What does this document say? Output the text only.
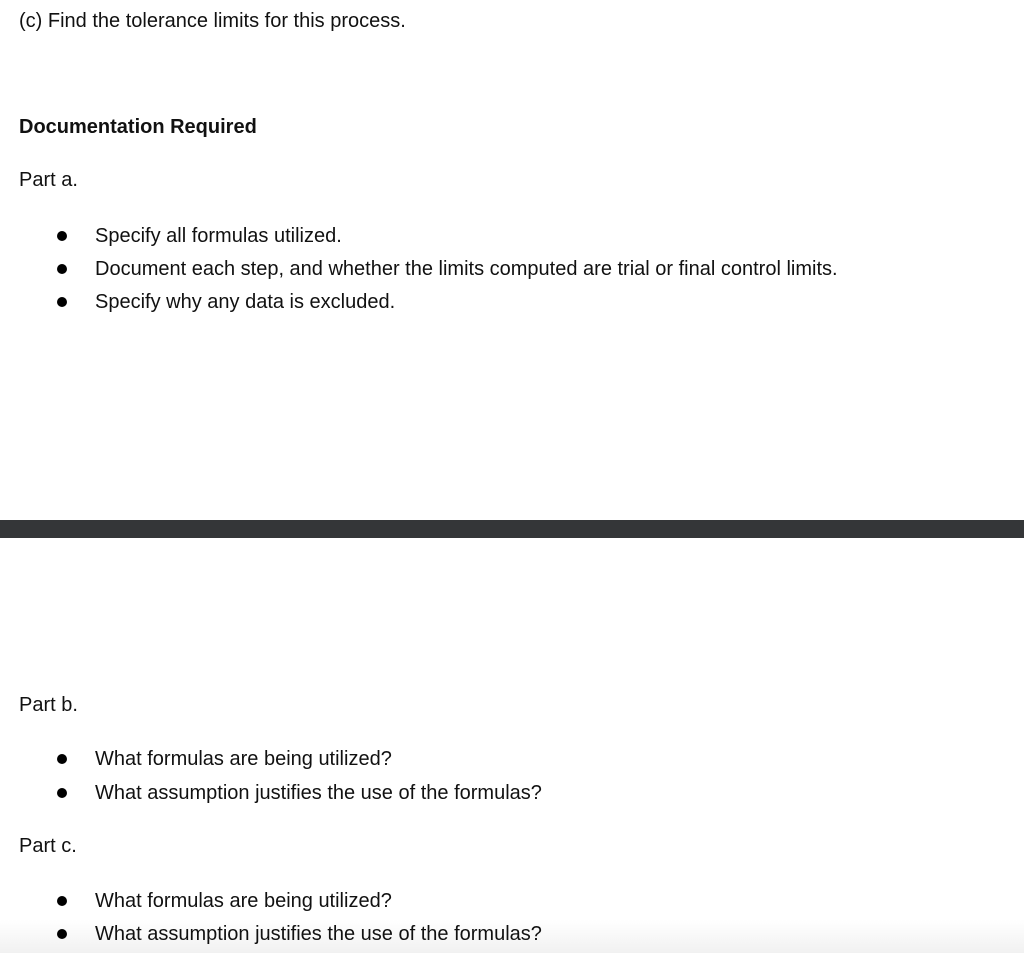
(c) Find the tolerance limits for this process.
Documentation Required
Part a.
Specify all formulas utilized.
Document each step, and whether the limits computed are trial or final control limits.
Specify why any data is excluded.
Part b.
What formulas are being utilized?
What assumption justifies the use of the formulas?
Part c.
What formulas are being utilized?
What assumption justifies the use of the formulas?
